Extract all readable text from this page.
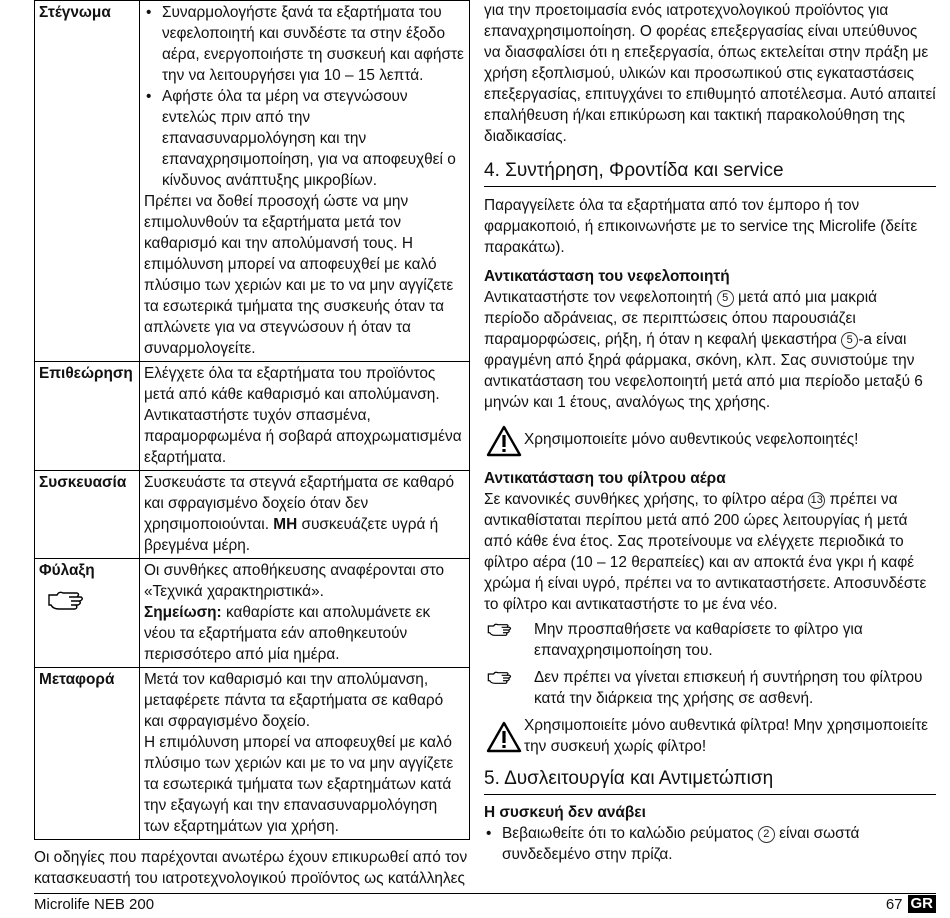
Στέγνωμα	• Συναρμολογήστε ξανά τα εξαρτήματα του νεφελοποιητή και συνδέστε τα στην έξοδο αέρα, ενεργοποιήστε τη συσκευή και αφήστε την να λειτουργήσει για 10 – 15 λεπτά.
• Αφήστε όλα τα μέρη να στεγνώσουν εντελώς πριν από την επανασυναρμολόγηση και την επαναχρησιμοποίηση, για να αποφευχθεί ο κίνδυνος ανάπτυξης μικροβίων.
Πρέπει να δοθεί προσοχή ώστε να μην επιμολυνθούν τα εξαρτήματα μετά τον καθαρισμό και την απολύμανσή τους. Η επιμόλυνση μπορεί να αποφευχθεί με καλό πλύσιμο των χεριών και με το να μην αγγίζετε τα εσωτερικά τμήματα της συσκευής όταν τα απλώνετε για να στεγνώσουν ή όταν τα συναρμολογείτε.

Επιθεώρηση	Ελέγχετε όλα τα εξαρτήματα του προϊόντος μετά από κάθε καθαρισμό και απολύμανση. Αντικαταστήστε τυχόν σπασμένα, παραμορφωμένα ή σοβαρά αποχρωματισμένα εξαρτήματα.
Συσκευασία	Συσκευάστε τα στεγνά εξαρτήματα σε καθαρό και σφραγισμένο δοχείο όταν δεν χρησιμοποιούνται. ΜΗ συσκευάζετε υγρά ή βρεγμένα μέρη.

Φύλαξη	Οι συνθήκες αποθήκευσης αναφέρονται στο «Τεχνικά χαρακτηριστικά».
Σημείωση: καθαρίστε και απολυμάνετε εκ νέου τα εξαρτήματα εάν αποθηκευτούν περισσότερο από μία ημέρα.

Μεταφορά	Μετά τον καθαρισμό και την απολύμανση, μεταφέρετε πάντα τα εξαρτήματα σε καθαρό και σφραγισμένο δοχείο.
Η επιμόλυνση μπορεί να αποφευχθεί με καλό πλύσιμο των χεριών και με το να μην αγγίζετε τα εσωτερικά τμήματα των εξαρτημάτων κατά την εξαγωγή και την επανασυναρμολόγηση των εξαρτημάτων για χρήση.
Οι οδηγίες που παρέχονται ανωτέρω έχουν επικυρωθεί από τον κατασκευαστή του ιατροτεχνολογικού προϊόντος ως κατάλληλες

για την προετοιμασία ενός ιατροτεχνολογικού προϊόντος για επαναχρησιμοποίηση. Ο φορέας επεξεργασίας είναι υπεύθυνος να διασφαλίσει ότι η επεξεργασία, όπως εκτελείται στην πράξη με χρήση εξοπλισμού, υλικών και προσωπικού στις εγκαταστάσεις επεξεργασίας, επιτυγχάνει το επιθυμητό αποτέλεσμα. Αυτό απαιτεί επαλήθευση ή/και επικύρωση και τακτική παρακολούθηση της διαδικασίας.

4. Συντήρηση, Φροντίδα και service

Παραγγείλετε όλα τα εξαρτήματα από τον έμπορο ή τον φαρμακοποιό, ή επικοινωνήστε με το service της Microlife (δείτε παρακάτω).

Αντικατάσταση του νεφελοποιητή

Αντικαταστήστε τον νεφελοποιητή 5 μετά από μια μακριά περίοδο αδράνειας, σε περιπτώσεις όπου παρουσιάζει παραμορφώσεις, ρήξη, ή όταν η κεφαλή ψεκαστήρα 5 -a είναι φραγμένη από ξηρά φάρμακα, σκόνη, κλπ. Σας συνιστούμε την αντικατάσταση του νεφελοποιητή μετά από μια περίοδο μεταξύ 6 μηνών και 1 έτους, αναλόγως της χρήσης.

Χρησιμοποιείτε μόνο αυθεντικούς νεφελοποιητές!
Αντικατάσταση του φίλτρου αέρα

Σε κανονικές συνθήκες χρήσης, το φίλτρο αέρα 13 πρέπει να αντικαθίσταται περίπου μετά από 200 ώρες λειτουργίας ή μετά από κάθε ένα έτος. Σας προτείνουμε να ελέγχετε περιοδικά το φίλτρο αέρα (10 – 12 θεραπείες) και αν αποκτά ένα γκρι ή καφέ χρώμα ή είναι υγρό, πρέπει να το αντικαταστήσετε. Αποσυνδέστε το φίλτρο και αντικαταστήστε το με ένα νέο.

Μην προσπαθήσετε να καθαρίσετε το φίλτρο για επαναχρησιμοποίηση του.
Δεν πρέπει να γίνεται επισκευή ή συντήρηση του φίλτρου κατά την διάρκεια της χρήσης σε ασθενή.
Χρησιμοποιείτε μόνο αυθεντικά φίλτρα! Μην χρησιμοποιείτε την συσκευή χωρίς φίλτρο!
5. Δυσλειτουργία και Αντιμετώπιση
Η συσκευή δεν ανάβει

• Βεβαιωθείτε ότι το καλώδιο ρεύματος 2 είναι σωστά συνδεδεμένο στην πρίζα.

Microlife NEB 200	67 GR
